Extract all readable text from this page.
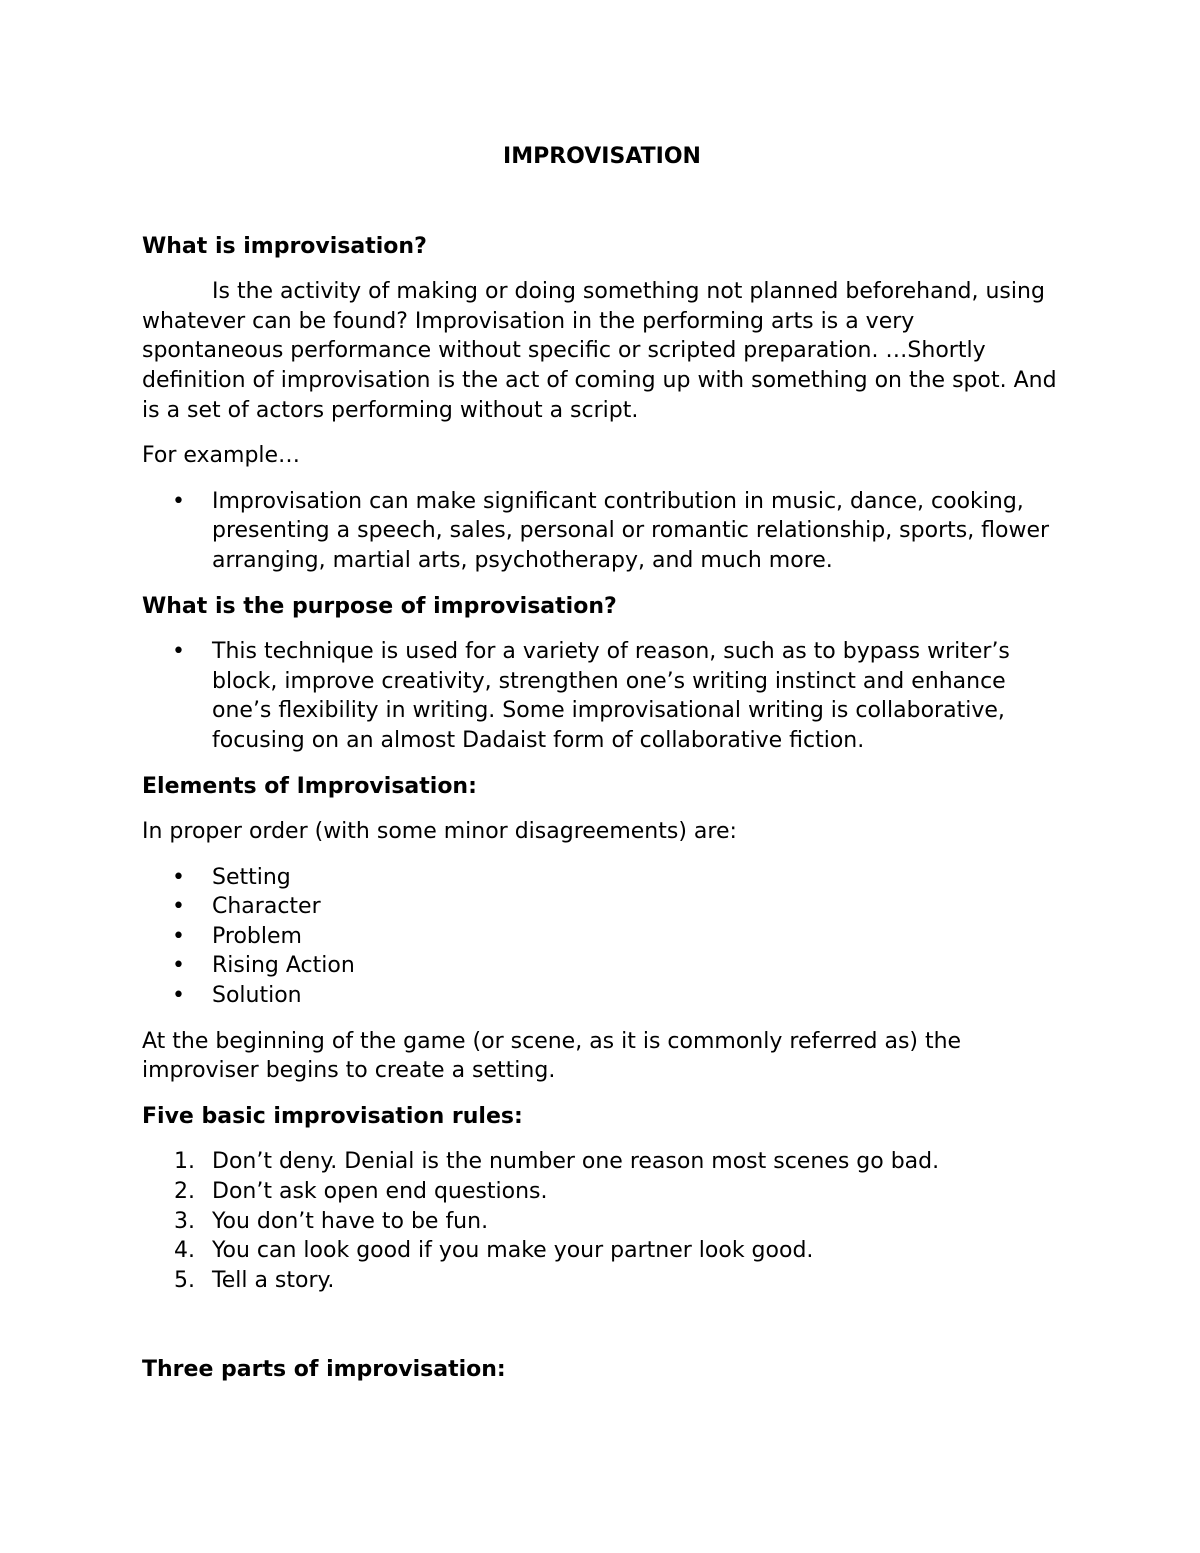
IMPROVISATION
What is improvisation?

Is the activity of making or doing something not planned beforehand, using whatever can be found? Improvisation in the performing arts is a very spontaneous performance without specific or scripted preparation. …Shortly definition of improvisation is the act of coming up with something on the spot. And is a set of actors performing without a script.

For example…

• Improvisation can make significant contribution in music, dance, cooking, presenting a speech, sales, personal or romantic relationship, sports, flower arranging, martial arts, psychotherapy, and much more.
What is the purpose of improvisation?
• This technique is used for a variety of reason, such as to bypass writer’s block, improve creativity, strengthen one’s writing instinct and enhance one’s flexibility in writing. Some improvisational writing is collaborative, focusing on an almost Dadaist form of collaborative fiction.
Elements of Improvisation:

In proper order (with some minor disagreements) are:

• Setting
• Character
• Problem
• Rising Action
• Solution

At the beginning of the game (or scene, as it is commonly referred as) the improviser begins to create a setting.

Five basic improvisation rules:
1. Don’t deny. Denial is the number one reason most scenes go bad.
2. Don’t ask open end questions.
3. You don’t have to be fun.
4. You can look good if you make your partner look good.
5. Tell a story.
Three parts of improvisation:
